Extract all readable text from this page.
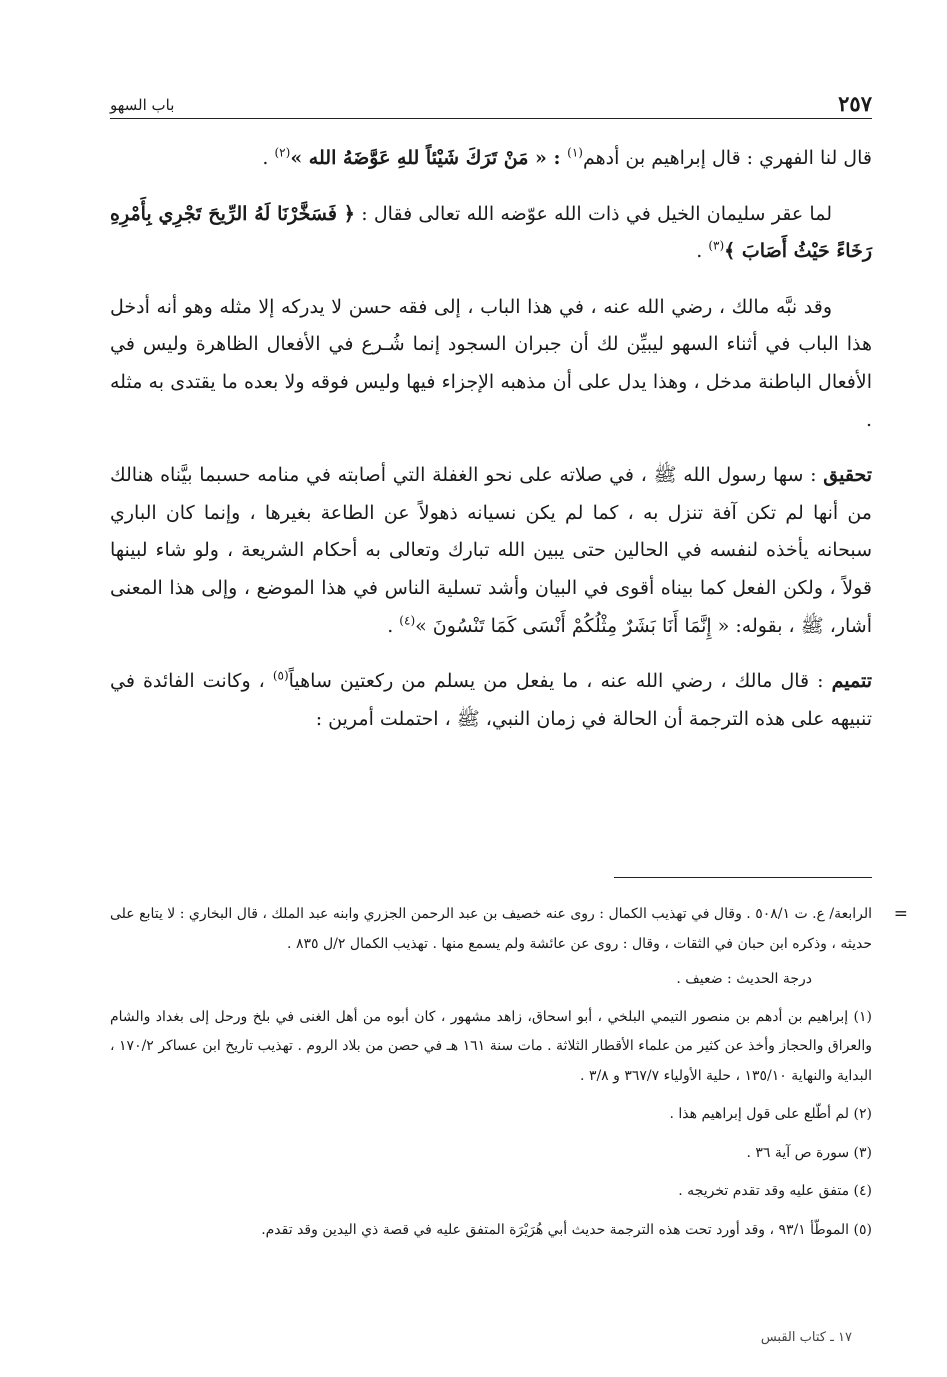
٢٥٧
باب السهو

قال لنا الفهري : قال إبراهيم بن أدهم$^{(١)}$ : « مَنْ تَرَكَ شَيْئاً للهِ عَوَّضَهُ الله »$^{(٢)}$ .

لما عقر سليمان الخيل في ذات الله عوّضه الله تعالى فقال : ﴿ فَسَخَّرْنَا لَهُ الرِّيحَ تَجْرِي بِأَمْرِهِ رَخَاءً حَيْثُ أَصَابَ ﴾$^{(٣)}$ .

وقد نبَّه مالك ، رضي الله عنه ، في هذا الباب ، إلى فقه حسن لا يدركه إلا مثله وهو أنه أدخل هذا الباب في أثناء السهو ليبيِّن لك أن جبران السجود إنما شُـرع في الأفعال الظاهرة وليس في الأفعال الباطنة مدخل ، وهذا يدل على أن مذهبه الإجزاء فيها وليس فوقه ولا بعده ما يقتدى به مثله .

تحقيق : سها رسول الله ﷺ ، في صلاته على نحو الغفلة التي أصابته في منامه حسبما بيَّناه هنالك من أنها لم تكن آفة تنزل به ، كما لم يكن نسيانه ذهولاً عن الطاعة بغيرها ، وإنما كان الباري سبحانه يأخذه لنفسه في الحالين حتى يبين الله تبارك وتعالى به أحكام الشريعة ، ولو شاء لبينها قولاً ، ولكن الفعل كما بيناه أقوى في البيان وأشد تسلية الناس في هذا الموضع ، وإلى هذا المعنى أشار، ﷺ ، بقوله: « إِنَّمَا أَنَا بَشَرٌ مِثْلُكُمْ أَنْسَى كَمَا تَنْسُونَ »$^{(٤)}$ .

تتميم : قال مالك ، رضي الله عنه ، ما يفعل من يسلم من ركعتين ساهياً$^{(٥)}$ ، وكانت الفائدة في تنبيهه على هذه الترجمة أن الحالة في زمان النبي، ﷺ ، احتملت أمرين :

=
الرابعة/ ع. ت ٥٠٨/١ . وقال في تهذيب الكمال : روى عنه خصيف بن عبد الرحمن الجزري وابنه عبد الملك ، قال البخاري : لا يتابع على حديثه ، وذكره ابن حبان في الثقات ، وقال : روى عن عائشة ولم يسمع منها . تهذيب الكمال ٢/ل ٨٣٥ .
درجة الحديث : ضعيف .
(١) إبراهيم بن أدهم بن منصور التيمي البلخي ، أبو اسحاق، زاهد مشهور ، كان أبوه من أهل الغنى في بلخ ورحل إلى بغداد والشام والعراق والحجاز وأخذ عن كثير من علماء الأقطار الثلاثة . مات سنة ١٦١ هـ في حصن من بلاد الروم . تهذيب تاريخ ابن عساكر ١٧٠/٢ ، البداية والنهاية ١٣٥/١٠ ، حلية الأولياء ٣٦٧/٧ و ٣/٨ .
(٢) لم أطّلع على قول إبراهيم هذا .
(٣) سورة ص آية ٣٦ .
(٤) متفق عليه وقد تقدم تخريجه .
(٥) الموطّأ ٩٣/١ ، وقد أورد تحت هذه الترجمة حديث أبي هُرَيْرَة المتفق عليه في قصة ذي اليدين وقد تقدم.
١٧ ـ كتاب القبس
